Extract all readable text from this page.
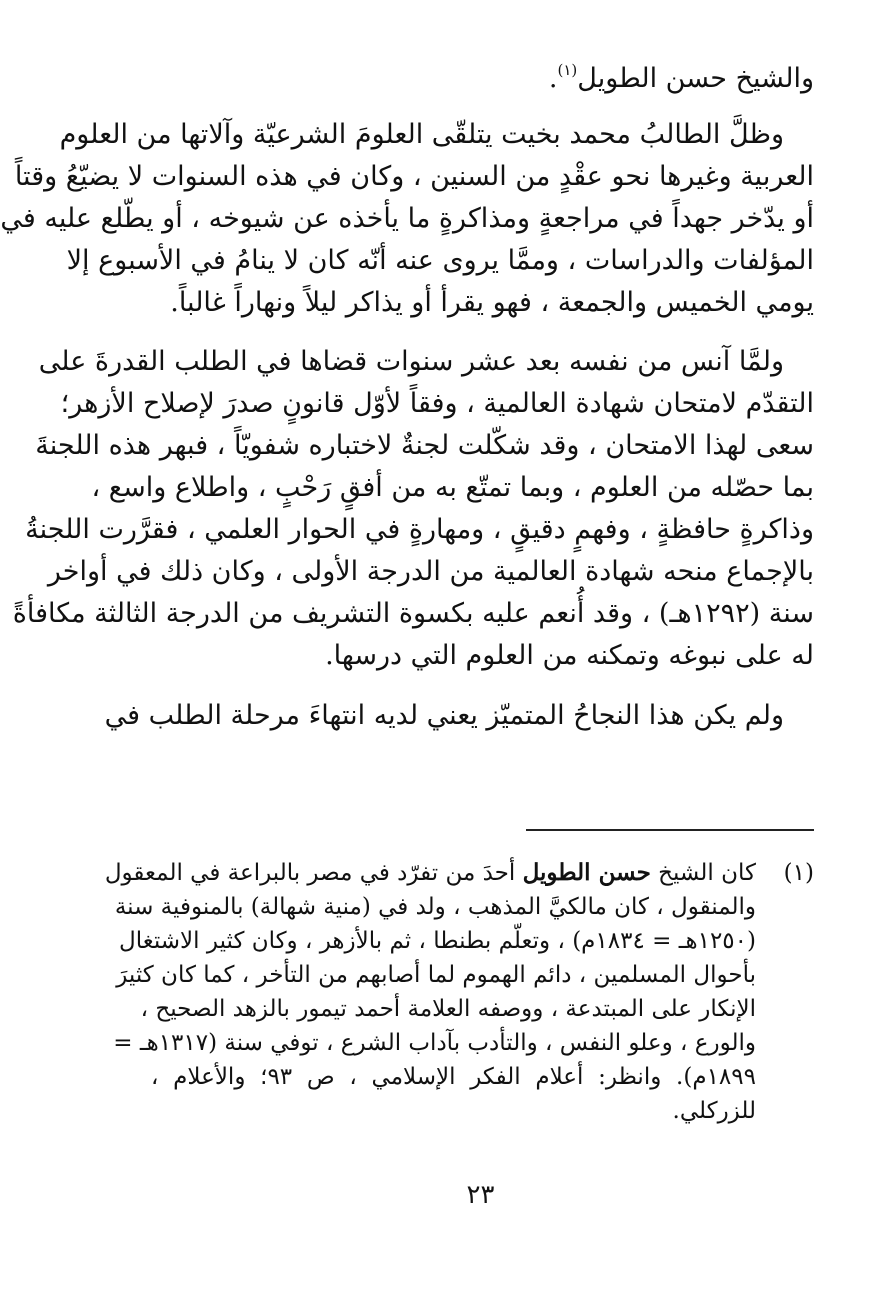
والشيخ حسن الطويل$^{(١)}$.
وظلَّ الطالبُ محمد بخيت يتلقّى العلومَ الشرعيّة وآلاتها من العلوم
العربية وغيرها نحو عقْدٍ من السنين ، وكان في هذه السنوات لا يضيّعُ وقتاً
أو يدّخر جهداً في مراجعةٍ ومذاكرةٍ ما يأخذه عن شيوخه ، أو يطّلع عليه في
المؤلفات والدراسات ، وممَّا يروى عنه أنّه كان لا ينامُ في الأسبوع إلا
يومي الخميس والجمعة ، فهو يقرأ أو يذاكر ليلاً ونهاراً غالباً.
ولمَّا آنس من نفسه بعد عشر سنوات قضاها في الطلب القدرةَ على
التقدّم لامتحان شهادة العالمية ، وفقاً لأوّل قانونٍ صدرَ لإصلاح الأزهر؛
سعى لهذا الامتحان ، وقد شكّلت لجنةٌ لاختباره شفويّاً ، فبهر هذه اللجنةَ
بما حصّله من العلوم ، وبما تمتّع به من أفقٍ رَحْبٍ ، واطلاع واسع ،
وذاكرةٍ حافظةٍ ، وفهمٍ دقيقٍ ، ومهارةٍ في الحوار العلمي ، فقرَّرت اللجنةُ
بالإجماع منحه شهادة العالمية من الدرجة الأولى ، وكان ذلك في أواخر
سنة (١٢٩٢هـ) ، وقد أُنعم عليه بكسوة التشريف من الدرجة الثالثة مكافأةً
له على نبوغه وتمكنه من العلوم التي درسها.
ولم يكن هذا النجاحُ المتميّز يعني لديه انتهاءَ مرحلة الطلب في
(١)
كان الشيخ حسن الطويل أحدَ من تفرّد في مصر بالبراعة في المعقول
والمنقول ، كان مالكيَّ المذهب ، ولد في (منية شهالة) بالمنوفية سنة
(١٢٥٠هـ = ١٨٣٤م) ، وتعلّم بطنطا ، ثم بالأزهر ، وكان كثير الاشتغال
بأحوال المسلمين ، دائم الهموم لما أصابهم من التأخر ، كما كان كثيرَ
الإنكار على المبتدعة ، ووصفه العلامة أحمد تيمور بالزهد الصحيح ،
والورع ، وعلو النفس ، والتأدب بآداب الشرع ، توفي سنة (١٣١٧هـ =
١٨٩٩م). وانظر: أعلام الفكر الإسلامي ، ص ٩٣؛ والأعلام ،
للزركلي.
٢٣
